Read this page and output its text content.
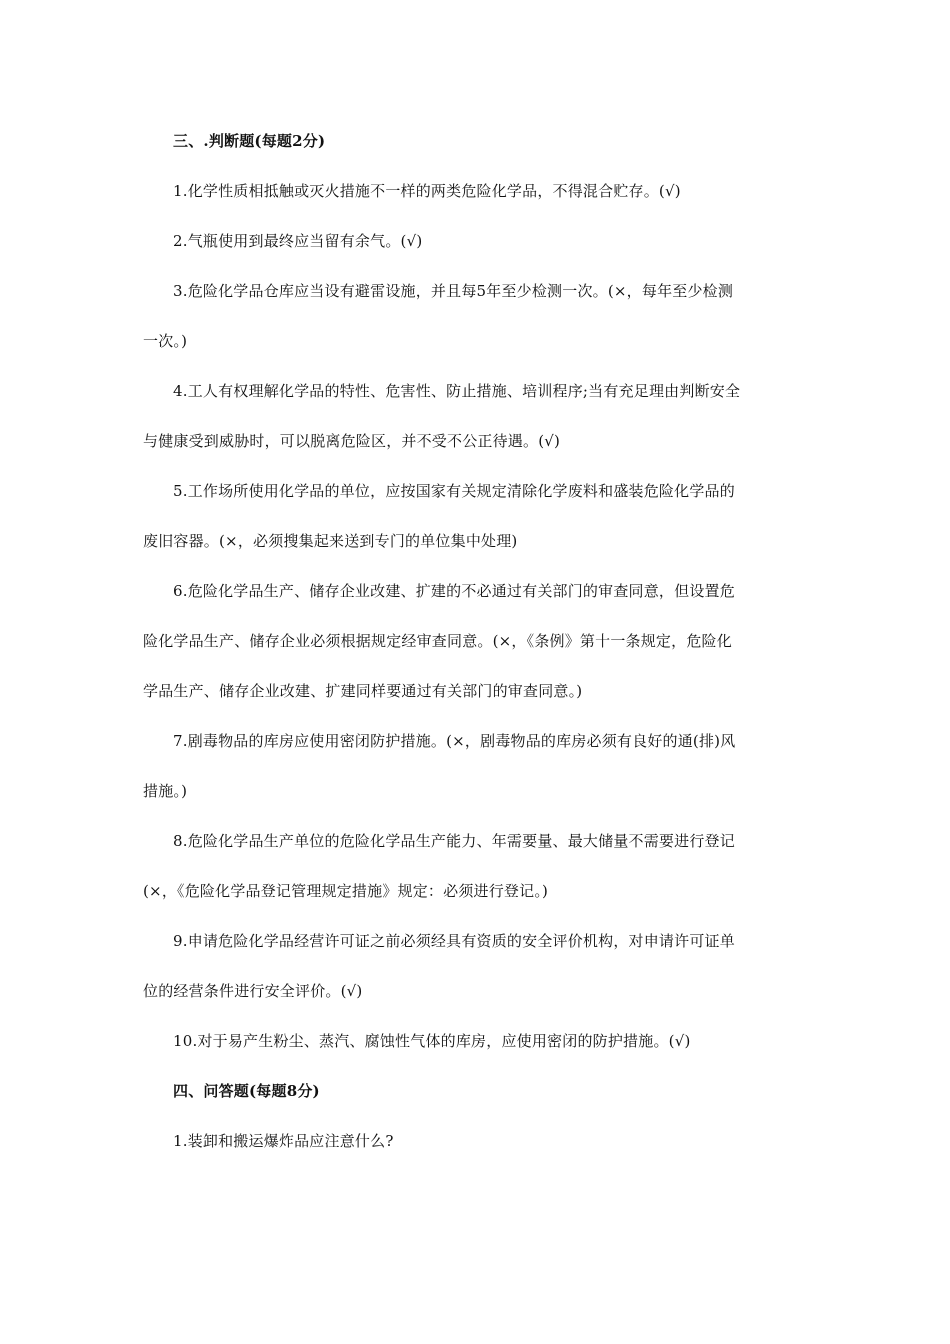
三、.判断题(每题2分)
1.化学性质相抵触或灭火措施不一样的两类危险化学品，不得混合贮存。(√)
2.气瓶使用到最终应当留有余气。(√)
3.危险化学品仓库应当设有避雷设施，并且每5年至少检测一次。(×，每年至少检测
一次。)
4.工人有权理解化学品的特性、危害性、防止措施、培训程序;当有充足理由判断安全
与健康受到威胁时，可以脱离危险区，并不受不公正待遇。(√)
5.工作场所使用化学品的单位，应按国家有关规定清除化学废料和盛装危险化学品的
废旧容器。(×，必须搜集起来送到专门的单位集中处理)
6.危险化学品生产、储存企业改建、扩建的不必通过有关部门的审查同意，但设置危
险化学品生产、储存企业必须根据规定经审查同意。(×，《条例》第十一条规定，危险化
学品生产、储存企业改建、扩建同样要通过有关部门的审查同意。)
7.剧毒物品的库房应使用密闭防护措施。(×，剧毒物品的库房必须有良好的通(排)风
措施。)
8.危险化学品生产单位的危险化学品生产能力、年需要量、最大储量不需要进行登记
(×，《危险化学品登记管理规定措施》规定：必须进行登记。)
9.申请危险化学品经营许可证之前必须经具有资质的安全评价机构，对申请许可证单
位的经营条件进行安全评价。(√)
10.对于易产生粉尘、蒸汽、腐蚀性气体的库房，应使用密闭的防护措施。(√)
四、问答题(每题8分)
1.装卸和搬运爆炸品应注意什么?
